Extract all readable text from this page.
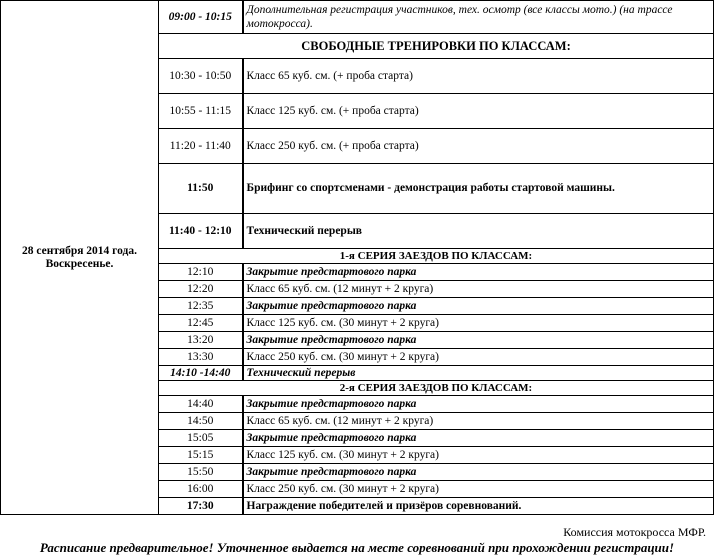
28 сентября 2014 года.
Воскресенье.	09:00 - 10:15	Дополнительная регистрация участников, тех. осмотр (все классы мото.) (на трассе мотокросса).
	СВОБОДНЫЕ ТРЕНИРОВКИ ПО КЛАССАМ:	
	10:30 - 10:50	Класс 65 куб. см. (+ проба старта)
	10:55 - 11:15	Класс 125 куб. см. (+ проба старта)
	11:20 - 11:40	Класс 250 куб. см. (+ проба старта)
	11:50	Брифинг со спортсменами - демонстрация работы стартовой машины.
	11:40 - 12:10	Технический перерыв
	1-я СЕРИЯ ЗАЕЗДОВ ПО КЛАССАМ:	
	12:10	Закрытие предстартового парка
	12:20	Класс 65 куб. см. (12 минут + 2 круга)
	12:35	Закрытие предстартового парка
	12:45	Класс 125 куб. см. (30 минут + 2 круга)
	13:20	Закрытие предстартового парка
	13:30	Класс 250 куб. см. (30 минут + 2 круга)
	14:10 -14:40	Технический перерыв
	2-я СЕРИЯ ЗАЕЗДОВ ПО КЛАССАМ:	
	14:40	Закрытие предстартового парка
	14:50	Класс 65 куб. см. (12 минут + 2 круга)
	15:05	Закрытие предстартового парка
	15:15	Класс 125 куб. см. (30 минут + 2 круга)
	15:50	Закрытие предстартового парка
	16:00	Класс 250 куб. см. (30 минут + 2 круга)
	17:30	Награждение победителей и призёров соревнований.
Комиссия мотокросса МФР.
Расписание предварительное! Уточненное выдается на месте соревнований при прохождении регистрации!
